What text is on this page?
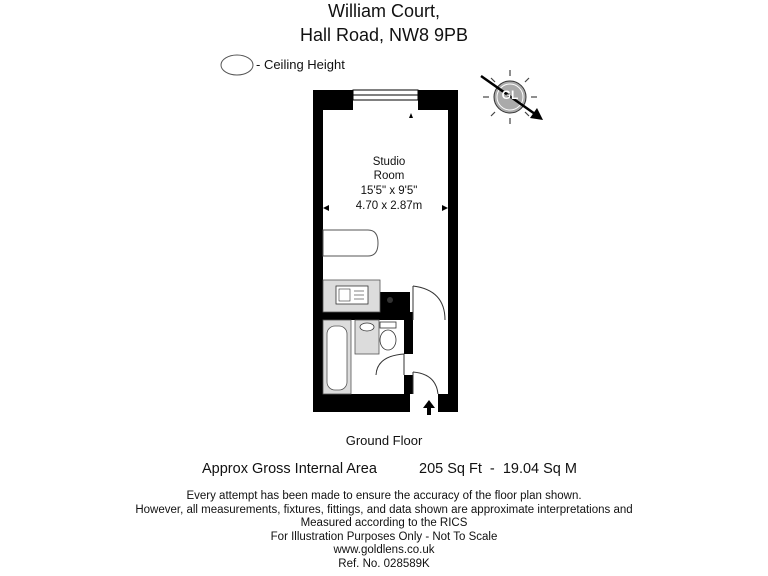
William Court,
Hall Road, NW8 9PB
- Ceiling Height
Studio
Room
15'5" x 9'5"
4.70 x 2.87m
Ground Floor
Approx Gross Internal Area	205 Sq Ft  -  19.04 Sq M
Every attempt has been made to ensure the accuracy of the floor plan shown.
However, all measurements, fixtures, fittings, and data shown are approximate interpretations and
Measured according to the RICS
For Illustration Purposes Only - Not To Scale
www.goldlens.co.uk
Ref. No. 028589K
GL
